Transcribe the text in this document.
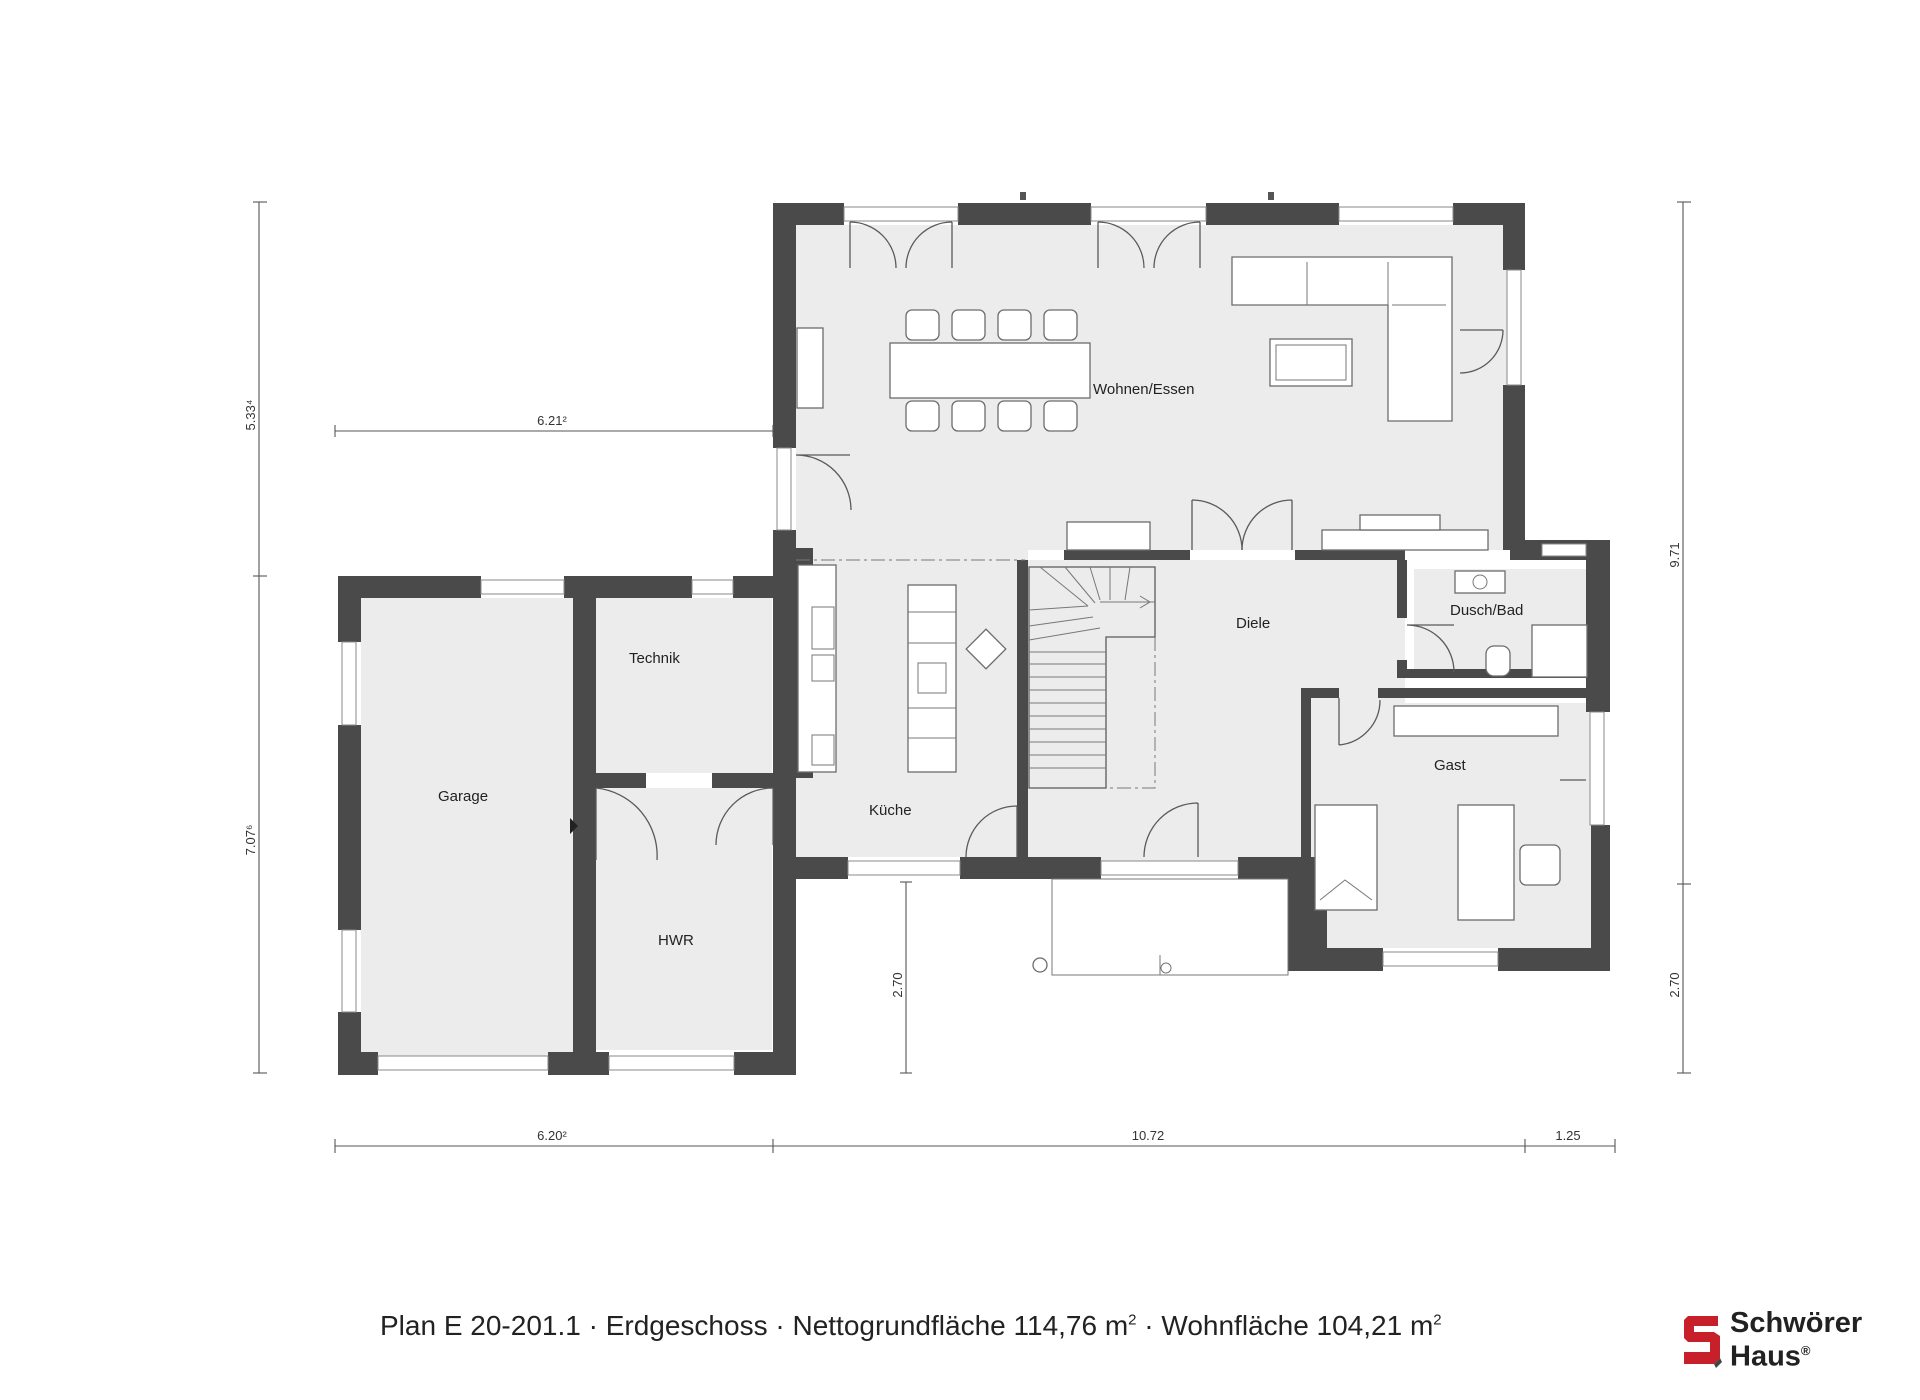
Wohnen/Essen
Technik
Garage
Küche
Diele
Dusch/Bad
Gast
HWR
5.33⁴
7.07⁶
9.71
2.70
6.21²
2.70
6.20²	10.72	1.25
Plan E 20-201.1 · Erdgeschoss · Nettogrundfläche 114,76 $m^2$ · Wohnfläche 104,21 $m^2$	Schwörer
Haus®
